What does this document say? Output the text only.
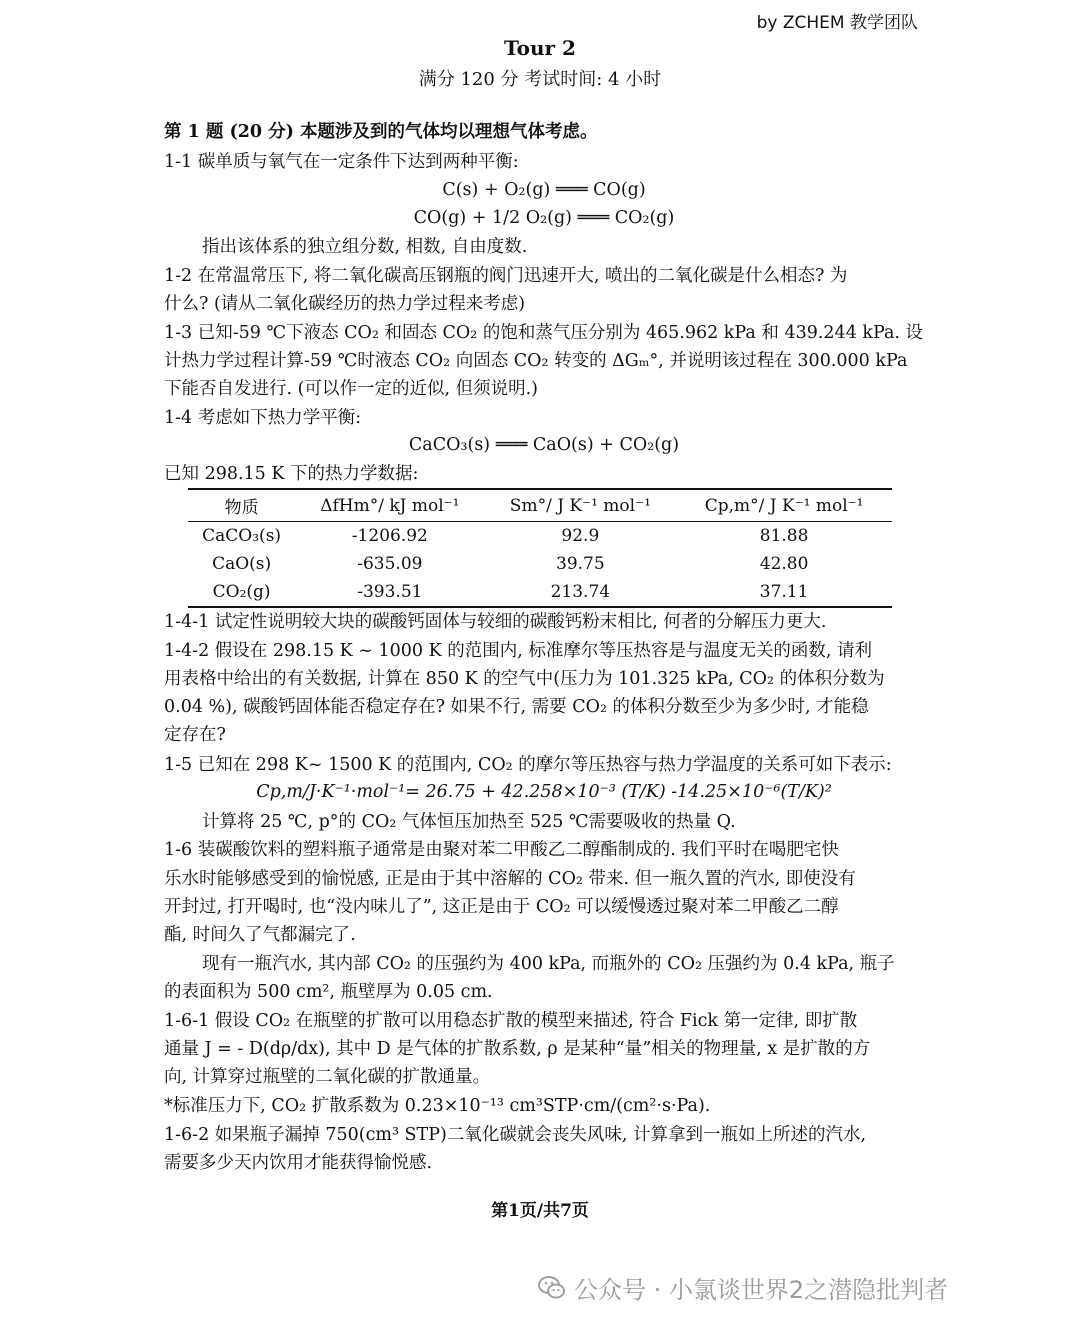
by ZCHEM 教学团队
Tour 2
满分 120 分 考试时间: 4 小时
第 1 题 (20 分) 本题涉及到的气体均以理想气体考虑。
1-1 碳单质与氧气在一定条件下达到两种平衡:
C(s) + O₂(g) ═══ CO(g)
CO(g) + 1/2 O₂(g) ═══ CO₂(g)
指出该体系的独立组分数, 相数, 自由度数.
1-2 在常温常压下, 将二氧化碳高压钢瓶的阀门迅速开大, 喷出的二氧化碳是什么相态? 为
什么? (请从二氧化碳经历的热力学过程来考虑)
1-3 已知-59 ℃下液态 CO₂ 和固态 CO₂ 的饱和蒸气压分别为 465.962 kPa 和 439.244 kPa. 设
计热力学过程计算-59 ℃时液态 CO₂ 向固态 CO₂ 转变的 ΔGₘ°, 并说明该过程在 300.000 kPa
下能否自发进行. (可以作一定的近似, 但须说明.)
1-4 考虑如下热力学平衡:
CaCO₃(s) ═══ CaO(s) + CO₂(g)
已知 298.15 K 下的热力学数据:
物质	ΔfHm°/ kJ mol⁻¹	Sm°/ J K⁻¹ mol⁻¹	Cp,m°/ J K⁻¹ mol⁻¹
CaCO₃(s)	-1206.92	92.9	81.88
CaO(s)	-635.09	39.75	42.80
CO₂(g)	-393.51	213.74	37.11
1-4-1 试定性说明较大块的碳酸钙固体与较细的碳酸钙粉末相比, 何者的分解压力更大.
1-4-2 假设在 298.15 K ~ 1000 K 的范围内, 标准摩尔等压热容是与温度无关的函数, 请利
用表格中给出的有关数据, 计算在 850 K 的空气中(压力为 101.325 kPa, CO₂ 的体积分数为
0.04 %), 碳酸钙固体能否稳定存在? 如果不行, 需要 CO₂ 的体积分数至少为多少时, 才能稳
定存在?
1-5 已知在 298 K~ 1500 K 的范围内, CO₂ 的摩尔等压热容与热力学温度的关系可如下表示:
Cp,m/J·K⁻¹·mol⁻¹= 26.75 + 42.258×10⁻³ (T/K) -14.25×10⁻⁶(T/K)²
计算将 25 ℃, p°的 CO₂ 气体恒压加热至 525 ℃需要吸收的热量 Q.
1-6 装碳酸饮料的塑料瓶子通常是由聚对苯二甲酸乙二醇酯制成的. 我们平时在喝肥宅快
乐水时能够感受到的愉悦感, 正是由于其中溶解的 CO₂ 带来. 但一瓶久置的汽水, 即使没有
开封过, 打开喝时, 也“没内味儿了”, 这正是由于 CO₂ 可以缓慢透过聚对苯二甲酸乙二醇
酯, 时间久了气都漏完了.
现有一瓶汽水, 其内部 CO₂ 的压强约为 400 kPa, 而瓶外的 CO₂ 压强约为 0.4 kPa, 瓶子
的表面积为 500 cm², 瓶壁厚为 0.05 cm.
1-6-1 假设 CO₂ 在瓶壁的扩散可以用稳态扩散的模型来描述, 符合 Fick 第一定律, 即扩散
通量 J = - D(dρ/dx), 其中 D 是气体的扩散系数, ρ 是某种“量”相关的物理量, x 是扩散的方
向, 计算穿过瓶壁的二氧化碳的扩散通量。
*标准压力下, CO₂ 扩散系数为 0.23×10⁻¹³ cm³STP·cm/(cm²·s·Pa).
1-6-2 如果瓶子漏掉 750(cm³ STP)二氧化碳就会丧失风味, 计算拿到一瓶如上所述的汽水,
需要多少天内饮用才能获得愉悦感.
第1页/共7页
公众号 · 小氯谈世界2之潜隐批判者
